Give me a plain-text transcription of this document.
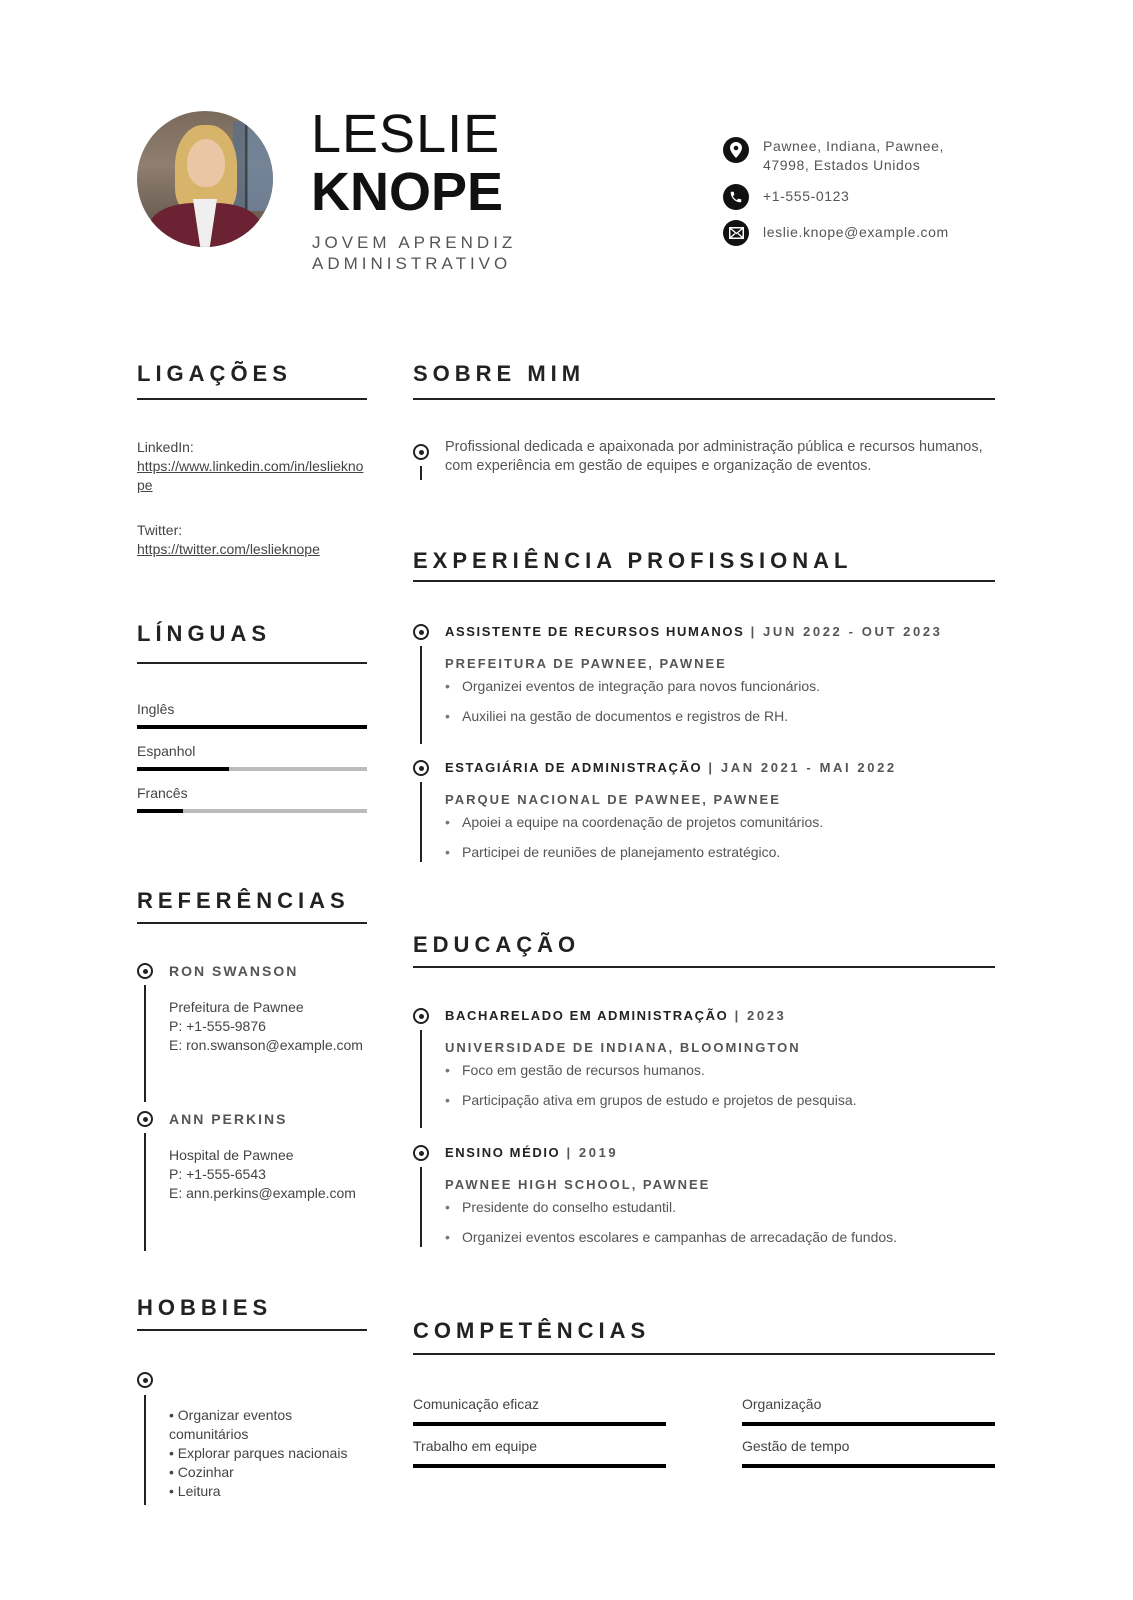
LESLIE
KNOPE
JOVEM APRENDIZ
ADMINISTRATIVO
Pawnee, Indiana, Pawnee,
47998, Estados Unidos
+1-555-0123
leslie.knope@example.com
LIGAÇÕES
LinkedIn:
https://www.linkedin.com/in/leslieknope
Twitter:
https://twitter.com/leslieknope
LÍNGUAS
Inglês
Espanhol
Francês
REFERÊNCIAS
RON SWANSON
Prefeitura de Pawnee
P: +1-555-9876
E: ron.swanson@example.com
ANN PERKINS
Hospital de Pawnee
P: +1-555-6543
E: ann.perkins@example.com
HOBBIES
• Organizar eventos comunitários
• Explorar parques nacionais
• Cozinhar
• Leitura
SOBRE MIM
Profissional dedicada e apaixonada por administração pública e recursos humanos, com experiência em gestão de equipes e organização de eventos.
EXPERIÊNCIA PROFISSIONAL
ASSISTENTE DE RECURSOS HUMANOS | JUN 2022 - OUT 2023
PREFEITURA DE PAWNEE, PAWNEE
• Organizei eventos de integração para novos funcionários.
• Auxiliei na gestão de documentos e registros de RH.
ESTAGIÁRIA DE ADMINISTRAÇÃO | JAN 2021 - MAI 2022
PARQUE NACIONAL DE PAWNEE, PAWNEE
• Apoiei a equipe na coordenação de projetos comunitários.
• Participei de reuniões de planejamento estratégico.
EDUCAÇÃO
BACHARELADO EM ADMINISTRAÇÃO | 2023
UNIVERSIDADE DE INDIANA, BLOOMINGTON
• Foco em gestão de recursos humanos.
• Participação ativa em grupos de estudo e projetos de pesquisa.
ENSINO MÉDIO | 2019
PAWNEE HIGH SCHOOL, PAWNEE
• Presidente do conselho estudantil.
• Organizei eventos escolares e campanhas de arrecadação de fundos.
COMPETÊNCIAS
Comunicação eficaz	Organização
Trabalho em equipe	Gestão de tempo
